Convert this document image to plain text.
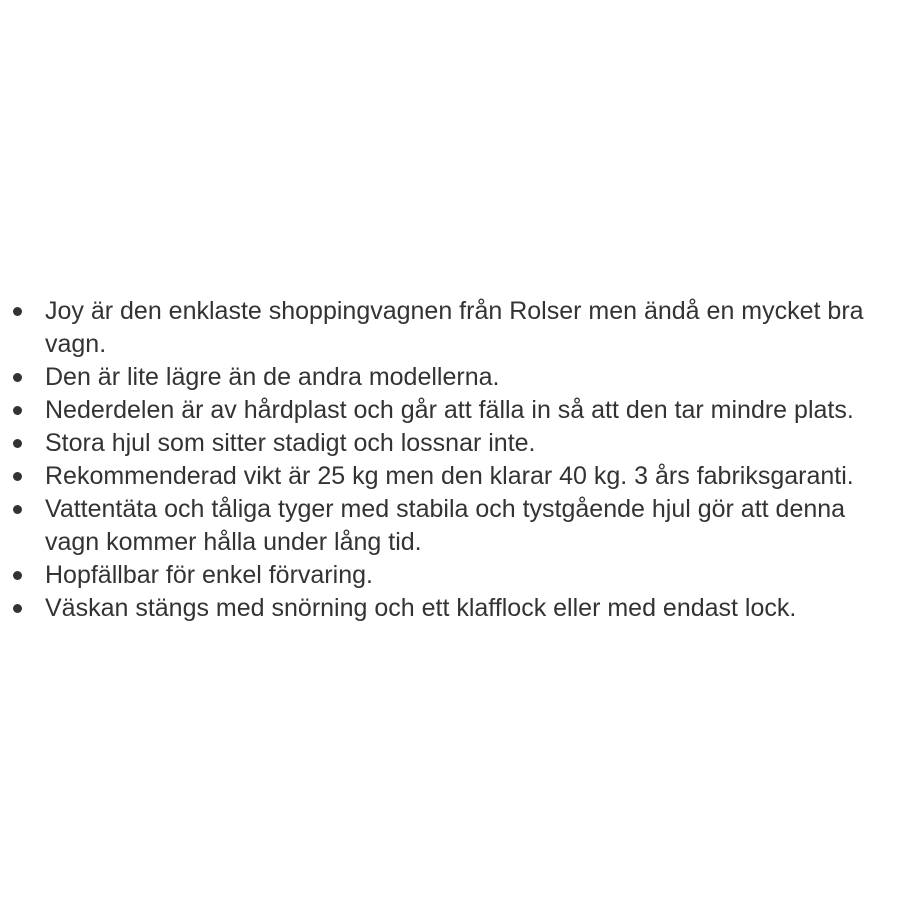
Joy är den enklaste shoppingvagnen från Rolser men ändå en mycket bra vagn.
Den är lite lägre än de andra modellerna.
Nederdelen är av hårdplast och går att fälla in så att den tar mindre plats.
Stora hjul som sitter stadigt och lossnar inte.
Rekommenderad vikt är 25 kg men den klarar 40 kg. 3 års fabriksgaranti.
Vattentäta och tåliga tyger med stabila och tystgående hjul gör att denna vagn kommer hålla under lång tid.
Hopfällbar för enkel förvaring.
Väskan stängs med snörning och ett klafflock eller med endast lock.
